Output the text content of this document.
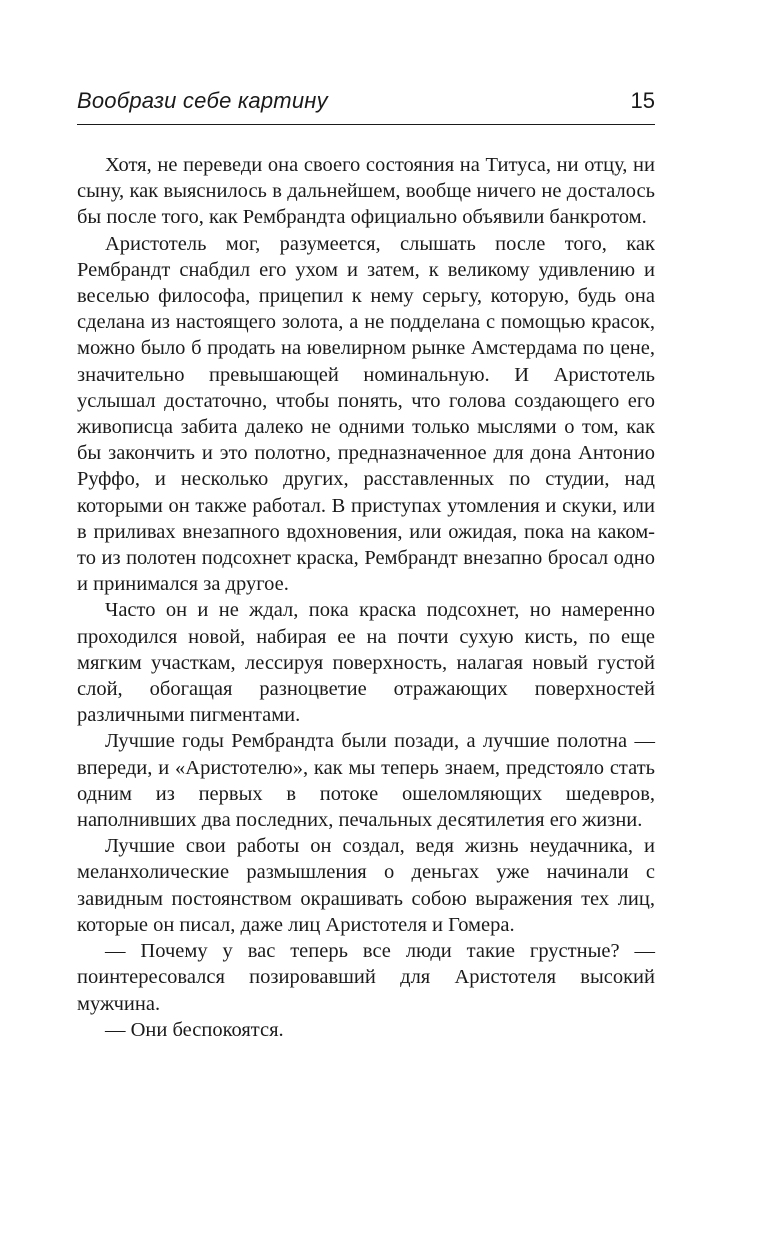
Вообрази себе картину	15

Хотя, не переведи она своего состояния на Титуса, ни отцу, ни сыну, как выяснилось в дальнейшем, вообще ничего не досталось бы после того, как Рембрандта официально объявили банкротом.

Аристотель мог, разумеется, слышать после того, как Рембрандт снабдил его ухом и затем, к великому удивлению и веселью философа, прицепил к нему серьгу, которую, будь она сделана из настоящего золота, а не подделана с помощью красок, можно было б продать на ювелирном рынке Амстердама по цене, значительно превышающей номинальную. И Аристотель услышал достаточно, чтобы понять, что голова создающего его живописца забита далеко не одними только мыслями о том, как бы закончить и это полотно, предназначенное для дона Антонио Руффо, и несколько других, расставленных по студии, над которыми он также работал. В приступах утомления и скуки, или в приливах внезапного вдохновения, или ожидая, пока на каком-то из полотен подсохнет краска, Рембрандт внезапно бросал одно и принимался за другое.

Часто он и не ждал, пока краска подсохнет, но намеренно проходился новой, набирая ее на почти сухую кисть, по еще мягким участкам, лессируя поверхность, налагая новый густой слой, обогащая разноцветие отражающих поверхностей различными пигментами.

Лучшие годы Рембрандта были позади, а лучшие полотна — впереди, и «Аристотелю», как мы теперь знаем, предстояло стать одним из первых в потоке ошеломляющих шедевров, наполнивших два последних, печальных десятилетия его жизни.

Лучшие свои работы он создал, ведя жизнь неудачника, и меланхолические размышления о деньгах уже начинали с завидным постоянством окрашивать собою выражения тех лиц, которые он писал, даже лиц Аристотеля и Гомера.

— Почему у вас теперь все люди такие грустные? — поинтересовался позировавший для Аристотеля высокий мужчина.

— Они беспокоятся.
